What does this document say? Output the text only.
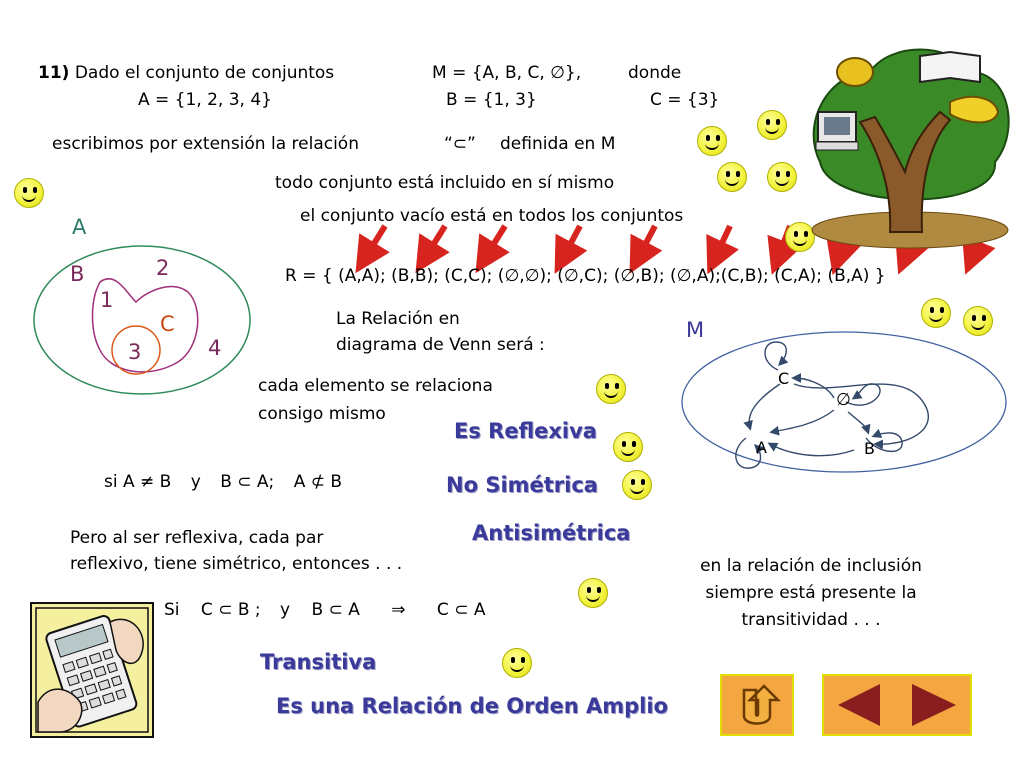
11) Dado el conjunto de conjuntos	M = {A, B, C, ∅},	donde
A = {1, 2, 3, 4}	B = {1, 3}	C = {3}
escribimos por extensión la relación	“⊂” definida en M
todo conjunto está incluido en sí mismo
el conjunto vacío está en todos los conjuntos
R = { (A,A); (B,B); (C,C); (∅,∅); (∅,C); (∅,B); (∅,A);(C,B); (C,A); (B,A) }
A
B
C
2
1
3	4
La Relación en
diagrama de Venn será :
cada elemento se relaciona
consigo mismo
Es Reflexiva
si A ≠ B y B ⊂ A; A ⊄ B	No Simétrica
Antisimétrica
Pero al ser reflexiva, cada par
reflexivo, tiene simétrico, entonces . . .
Si C ⊂ B ; y B ⊂ A ⇒ C ⊂ A
Transitiva
Es una Relación de Orden Amplio
M
C
∅
A	B
en la relación de inclusión
siempre está presente la
transitividad . . .
